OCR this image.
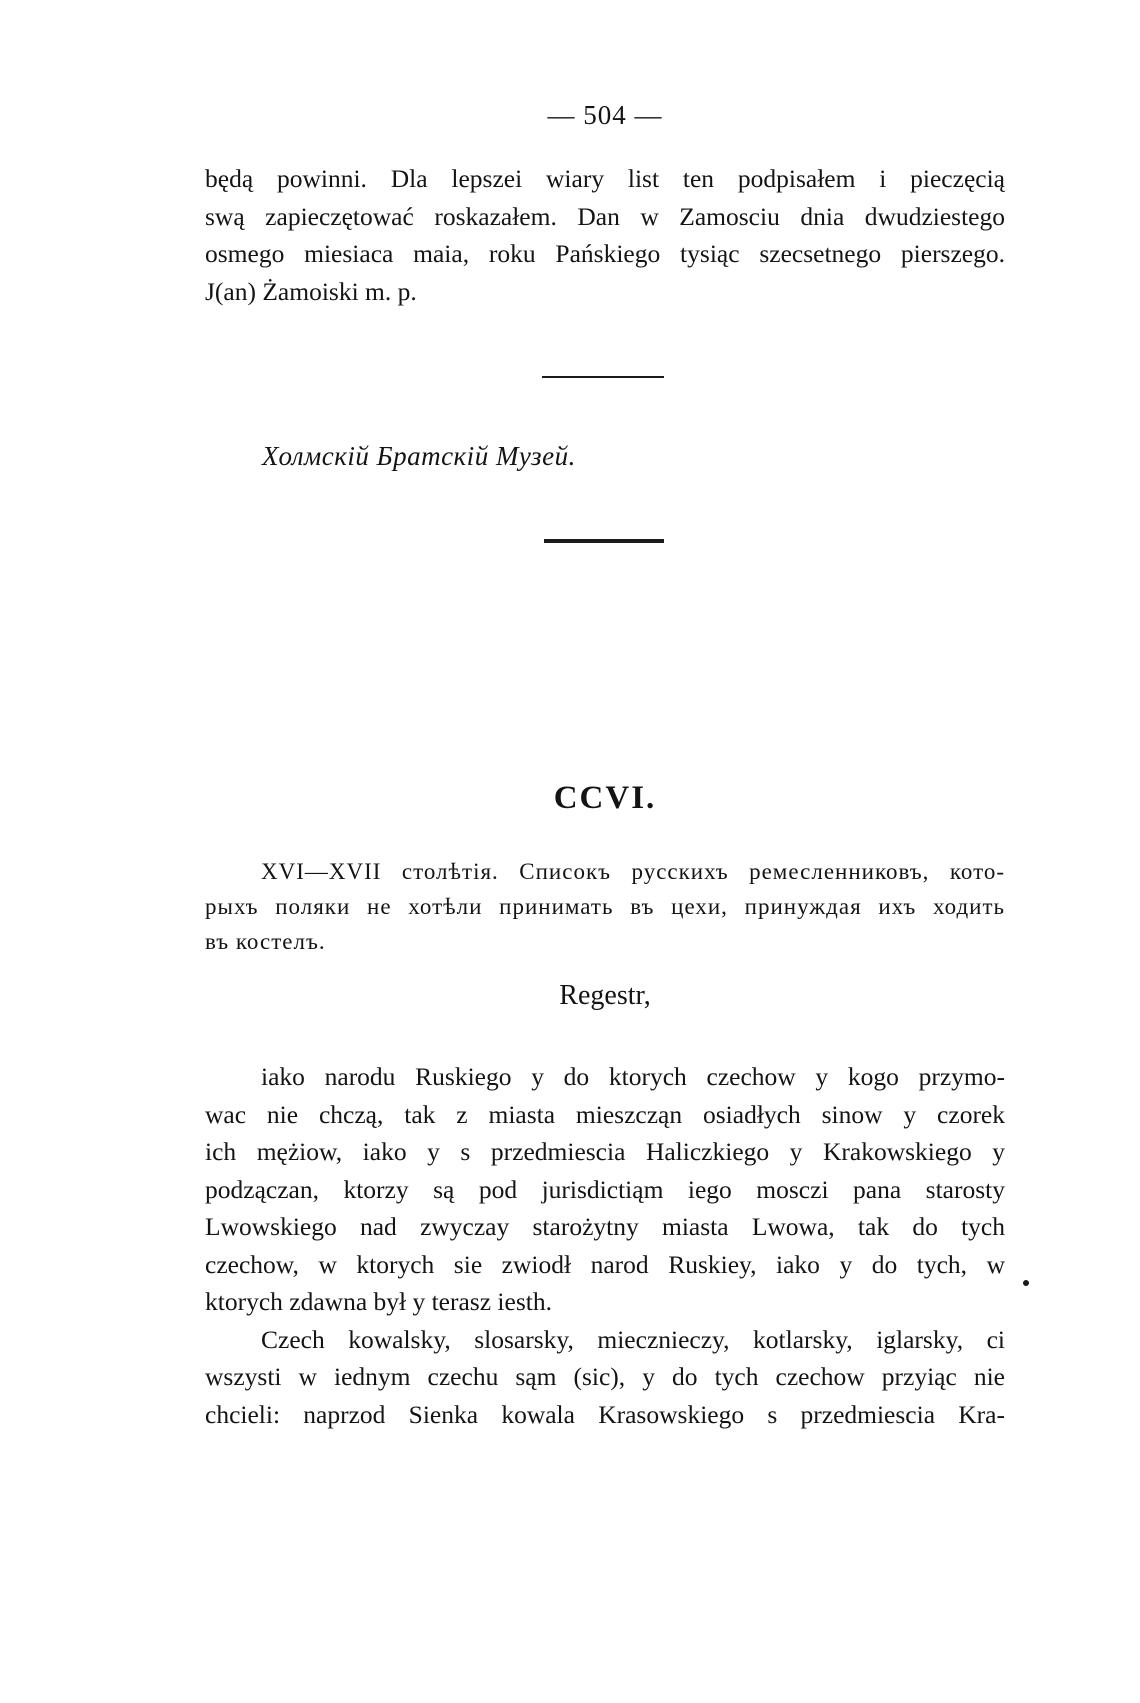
— 504 —
będą powinni. Dla lepszei wiary list ten podpisałem i pieczęcią
swą zapieczętować roskazałem. Dan w Zamosciu dnia dwudziestego
osmego miesiaca maia, roku Pańskiego tysiąc szecsetnego pierszego.
J(an) Żamoiski m. p.
Холмскій Братскій Музей.
CCVI.
XVI—XVII столѣтія. Списокъ русскихъ ремесленниковъ, кото-
рыхъ поляки не хотѣли принимать въ цехи, принуждая ихъ ходить
въ костелъ.
Regestr,
iako narodu Ruskiego y do ktorych czechow y kogo przymo-
wac nie chczą, tak z miasta mieszcząn osiadłych sinow y czorek
ich mężiow, iako y s przedmiescia Haliczkiego y Krakowskiego y
podzączan, ktorzy są pod jurisdictiąm iego mosczi pana starosty
Lwowskiego nad zwyczay starożytny miasta Lwowa, tak do tych
czechow, w ktorych sie zwiodł narod Ruskiey, iako y do tych, w
ktorych zdawna był y terasz iesth.
Czech kowalsky, slosarsky, miecznieczy, kotlarsky, iglarsky, ci
wszysti w iednym czechu sąm (sic), y do tych czechow przyiąc nie
chcieli: naprzod Sienka kowala Krasowskiego s przedmiescia Kra-
